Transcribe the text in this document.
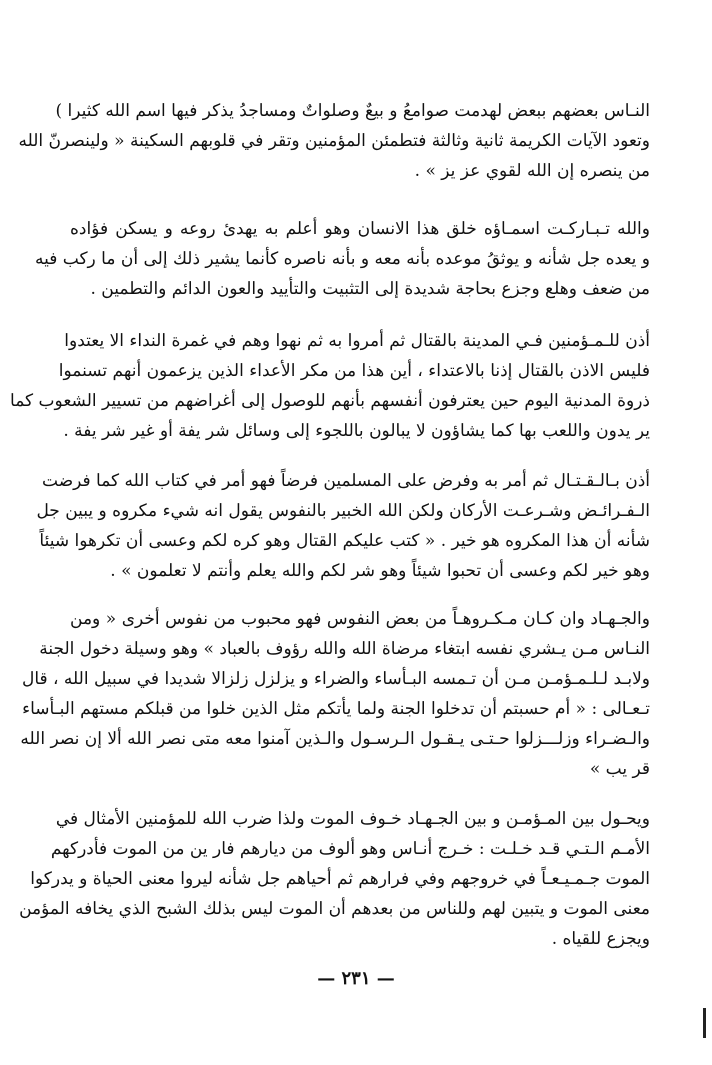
النـاس بعضهم ببعض لهدمت صوامعُ و بيعٌ وصلواتٌ ومساجدُ يذكر فيها اسم الله كثيرا )
وتعود الآيات الكريمة ثانية وثالثة فتطمئن المؤمنين وتقر في قلوبهم السكينة « ولينصرنّ الله
من ينصره إن الله لقوي عز يز » .
والله تـبـاركـت اسمـاؤه خلق هذا الانسان وهو أعلم به يهدئ روعه و يسكن فؤاده
و يعده جل شأنه و يوثقُ موعده بأنه معه و بأنه ناصره كأنما يشير ذلك إلى أن ما ركب فيه
من ضعف وهلع وجزع بحاجة شديدة إلى التثبيت والتأييد والعون الدائم والتطمين .
أذن للـمـؤمنين فـي المدينة بالقتال ثم أمروا به ثم نهوا وهم في غمرة النداء الا يعتدوا
فليس الاذن بالقتال إذنا بالاعتداء ، أين هذا من مكر الأعداء الذين يزعمون أنهم تسنموا
ذروة المدنية اليوم حين يعترفون أنفسهم بأنهم للوصول إلى أغراضهم من تسيير الشعوب كما
ير يدون واللعب بها كما يشاؤون لا يبالون باللجوء إلى وسائل شر يفة أو غير شر يفة .
أذن بـالـقـتـال ثم أمر به وفرض على المسلمين فرضاً فهو أمر في كتاب الله كما فرضت
الـفـرائـض وشـرعـت الأركان ولكن الله الخبير بالنفوس يقول انه شيء مكروه و يبين جل
شأنه أن هذا المكروه هو خير . « كتب عليكم القتال وهو كره لكم وعسى أن تكرهوا شيئاً
وهو خير لكم وعسى أن تحبوا شيئاً وهو شر لكم والله يعلم وأنتم لا تعلمون » .
والجـهـاد وان كـان مـكـروهـاً من بعض النفوس فهو محبوب من نفوس أخرى « ومن
النـاس مـن يـشري نفسه ابتغاء مرضاة الله والله رؤوف بالعباد » وهو وسيلة دخول الجنة
ولابـد لـلـمـؤمـن مـن أن تـمسه البـأساء والضراء و يزلزل زلزالا شديدا في سبيل الله ، قال
تـعـالى : « أم حسبتم أن تدخلوا الجنة ولما يأتكم مثل الذين خلوا من قبلكم مستهم البـأساء
والـضـراء وزلـــزلوا حـتـى يـقـول الـرسـول والـذين آمنوا معه متى نصر الله ألا إن نصر الله
قر يب »
ويحـول بين المـؤمـن و بين الجـهـاد خـوف الموت ولذا ضرب الله للمؤمنين الأمثال في
الأمـم الـتـي قـد خـلـت : خـرج أنـاس وهو ألوف من ديارهم فار ين من الموت فأدركهم
الموت جـمـيـعـاً في خروجهم وفي فرارهم ثم أحياهم جل شأنه ليروا معنى الحياة و يدركوا
معنى الموت و يتبين لهم وللناس من بعدهم أن الموت ليس بذلك الشبح الذي يخافه المؤمن
ويجزع للقياه .
— ٢٣١ —
